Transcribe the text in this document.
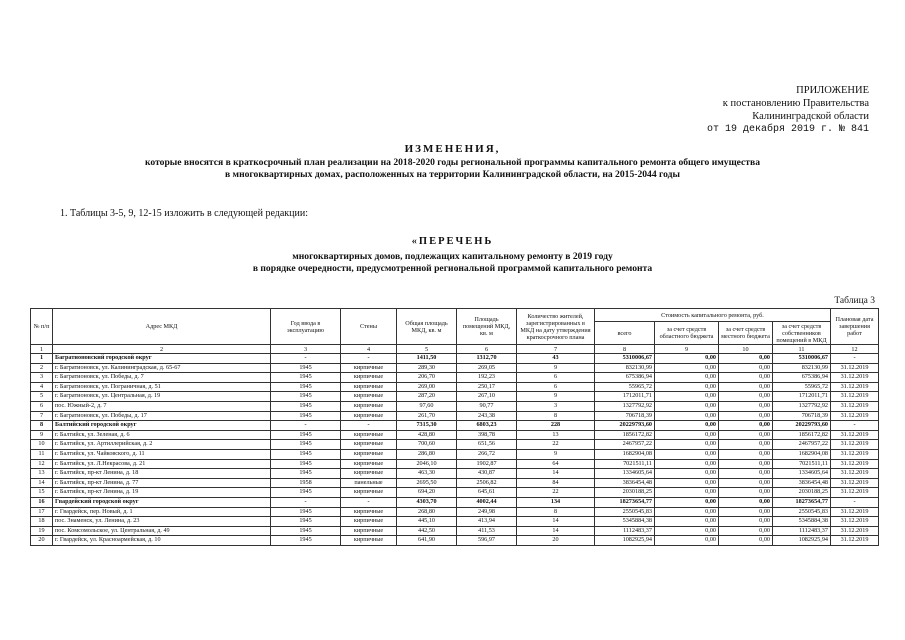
ПРИЛОЖЕНИЕ
к постановлению Правительства
Калининградской области
от 19 декабря 2019 г. № 841
ИЗМЕНЕНИЯ,
которые вносятся в краткосрочный план реализации на 2018-2020 годы региональной программы капитального ремонта общего имущества
в многоквартирных домах, расположенных на территории Калининградской области, на 2015-2044 годы
1. Таблицы 3-5, 9, 12-15 изложить в следующей редакции:
«ПЕРЕЧЕНЬ
многоквартирных домов, подлежащих капитальному ремонту в 2019 году
в порядке очередности, предусмотренной региональной программой капитального ремонта
Таблица 3
№ п/п	Адрес МКД	Год ввода в эксплуатацию	Стены	Общая площадь МКД, кв. м	Площадь помещений МКД, кв. м	Количество жителей, зарегистрированных в МКД на дату утверждения краткосрочного плана	Стоимость капитального ремонта, руб.				Плановая дата завершения работ
							всего	за счет средств областного бюджета	за счет средств местного бюджета	за счет средств собственников помещений в МКД	
1	2	3	4	5	6	7	8	9	10	11	12
1	Багратионовский городской округ	-	-	1411,50	1312,70	43	5310006,67	0,00	0,00	5310006,67	-
2	г. Багратионовск, ул. Калининградская, д. 65-67	1945	кирпичные	289,30	269,05	9	832130,99	0,00	0,00	832130,99	31.12.2019
3	г. Багратионовск, ул. Победы, д. 7	1945	кирпичные	206,70	192,23	6	675386,94	0,00	0,00	675386,94	31.12.2019
4	г. Багратионовск, ул. Пограничная, д. 51	1945	кирпичные	269,00	250,17	6	55965,72	0,00	0,00	55965,72	31.12.2019
5	г. Багратионовск, ул. Центральная, д. 19	1945	кирпичные	287,20	267,10	9	1712011,71	0,00	0,00	1712011,71	31.12.2019
6	пос. Южный-2, д. 7	1945	кирпичные	97,60	90,77	3	1327792,92	0,00	0,00	1327792,92	31.12.2019
7	г. Багратионовск, ул. Победы, д. 17	1945	кирпичные	261,70	243,38	8	706718,39	0,00	0,00	706718,39	31.12.2019
8	Балтийский городской округ	-	-	7315,30	6803,23	228	20229793,60	0,00	0,00	20229793,60	-
9	г. Балтийск, ул. Зеленая, д. 6	1945	кирпичные	428,80	398,78	13	1856172,82	0,00	0,00	1856172,82	31.12.2019
10	г. Балтийск, ул. Артиллерийская, д. 2	1945	кирпичные	700,60	651,56	22	2467957,22	0,00	0,00	2467957,22	31.12.2019
11	г. Балтийск, ул. Чайковского, д. 11	1945	кирпичные	286,80	266,72	9	1682904,08	0,00	0,00	1682904,08	31.12.2019
12	г. Балтийск, ул. Л.Некрасова, д. 21	1945	кирпичные	2046,10	1902,87	64	7021511,11	0,00	0,00	7021511,11	31.12.2019
13	г. Балтийск, пр-кт Ленина, д. 18	1945	кирпичные	463,30	430,87	14	1334605,64	0,00	0,00	1334605,64	31.12.2019
14	г. Балтийск, пр-кт Ленина, д. 77	1958	панельные	2695,50	2506,82	84	3836454,48	0,00	0,00	3836454,48	31.12.2019
15	г. Балтийск, пр-кт Ленина, д. 19	1945	кирпичные	694,20	645,61	22	2030188,25	0,00	0,00	2030188,25	31.12.2019
16	Гвардейский городской округ	-	-	4303,70	4002,44	134	18273654,77	0,00	0,00	18273654,77	-
17	г. Гвардейск, пер. Новый, д. 1	1945	кирпичные	268,80	249,98	8	2550545,83	0,00	0,00	2550545,83	31.12.2019
18	пос. Знаменск, ул. Ленина, д. 23	1945	кирпичные	445,10	413,94	14	5345884,38	0,00	0,00	5345884,38	31.12.2019
19	пос. Комсомольское, ул. Центральная, д. 49	1945	кирпичные	442,50	411,53	14	1112483,37	0,00	0,00	1112483,37	31.12.2019
20	г. Гвардейск, ул. Красноармейская, д. 10	1945	кирпичные	641,90	596,97	20	1082925,94	0,00	0,00	1082925,94	31.12.2019
